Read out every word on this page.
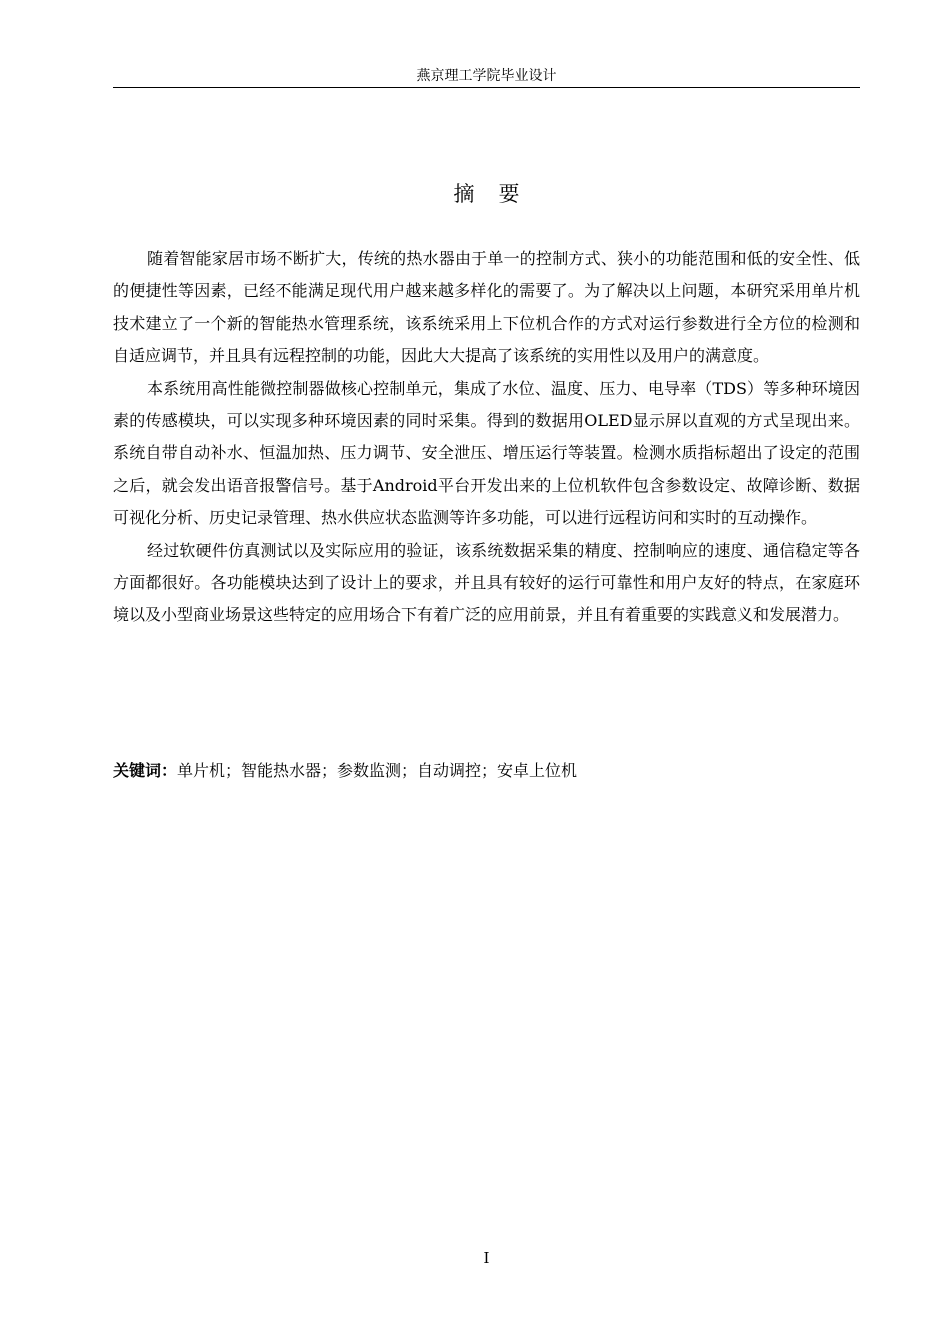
燕京理工学院毕业设计
摘要

随着智能家居市场不断扩大，传统的热水器由于单一的控制方式、狭小的功能范围和低的安全性、低的便捷性等因素，已经不能满足现代用户越来越多样化的需要了。为了解决以上问题，本研究采用单片机技术建立了一个新的智能热水管理系统，该系统采用上下位机合作的方式对运行参数进行全方位的检测和自适应调节，并且具有远程控制的功能，因此大大提高了该系统的实用性以及用户的满意度。

本系统用高性能微控制器做核心控制单元，集成了水位、温度、压力、电导率（TDS）等多种环境因素的传感模块，可以实现多种环境因素的同时采集。得到的数据用OLED显示屏以直观的方式呈现出来。系统自带自动补水、恒温加热、压力调节、安全泄压、增压运行等装置。检测水质指标超出了设定的范围之后，就会发出语音报警信号。基于Android平台开发出来的上位机软件包含参数设定、故障诊断、数据可视化分析、历史记录管理、热水供应状态监测等许多功能，可以进行远程访问和实时的互动操作。

经过软硬件仿真测试以及实际应用的验证，该系统数据采集的精度、控制响应的速度、通信稳定等各方面都很好。各功能模块达到了设计上的要求，并且具有较好的运行可靠性和用户友好的特点，在家庭环境以及小型商业场景这些特定的应用场合下有着广泛的应用前景，并且有着重要的实践意义和发展潜力。

关键词：单片机；智能热水器；参数监测；自动调控；安卓上位机
I
